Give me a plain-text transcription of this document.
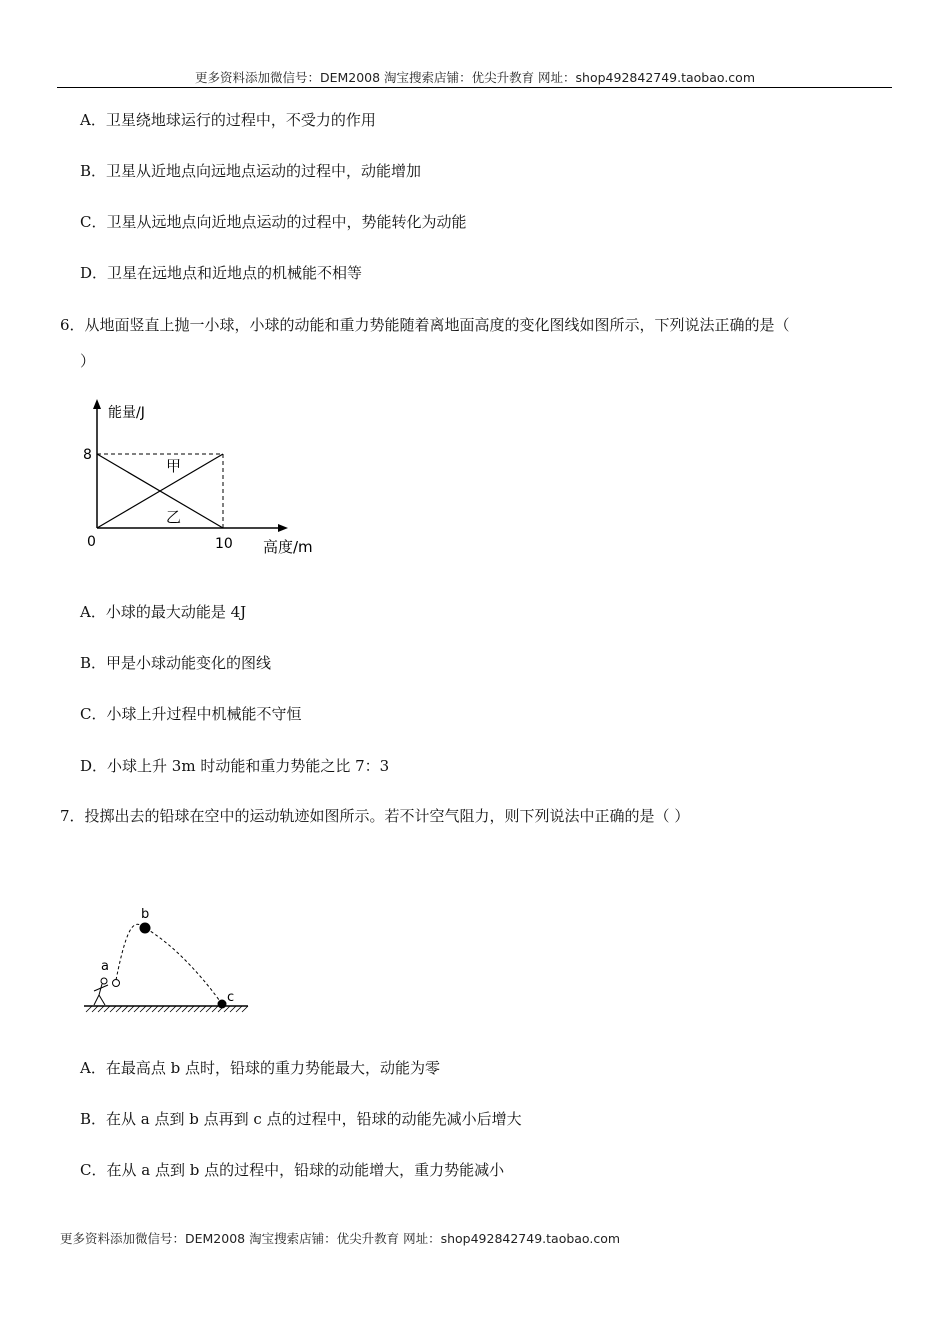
更多资料添加微信号：DEM2008 淘宝搜索店铺：优尖升教育 网址：shop492842749.taobao.com
A．卫星绕地球运行的过程中，不受力的作用
B．卫星从近地点向远地点运动的过程中，动能增加
C．卫星从远地点向近地点运动的过程中，势能转化为动能
D．卫星在远地点和近地点的机械能不相等
6．从地面竖直上抛一小球，小球的动能和重力势能随着离地面高度的变化图线如图所示，下列说法正确的是（
）
能量/J
8
0	10 高度/m
甲
乙
A．小球的最大动能是 4J
B．甲是小球动能变化的图线
C．小球上升过程中机械能不守恒
D．小球上升 3m 时动能和重力势能之比 7：3
7．投掷出去的铅球在空中的运动轨迹如图所示。若不计空气阻力，则下列说法中正确的是（ ）
a
b
c
A．在最高点 b 点时，铅球的重力势能最大，动能为零
B．在从 a 点到 b 点再到 c 点的过程中，铅球的动能先减小后增大
C．在从 a 点到 b 点的过程中，铅球的动能增大，重力势能减小
更多资料添加微信号：DEM2008 淘宝搜索店铺：优尖升教育 网址：shop492842749.taobao.com
